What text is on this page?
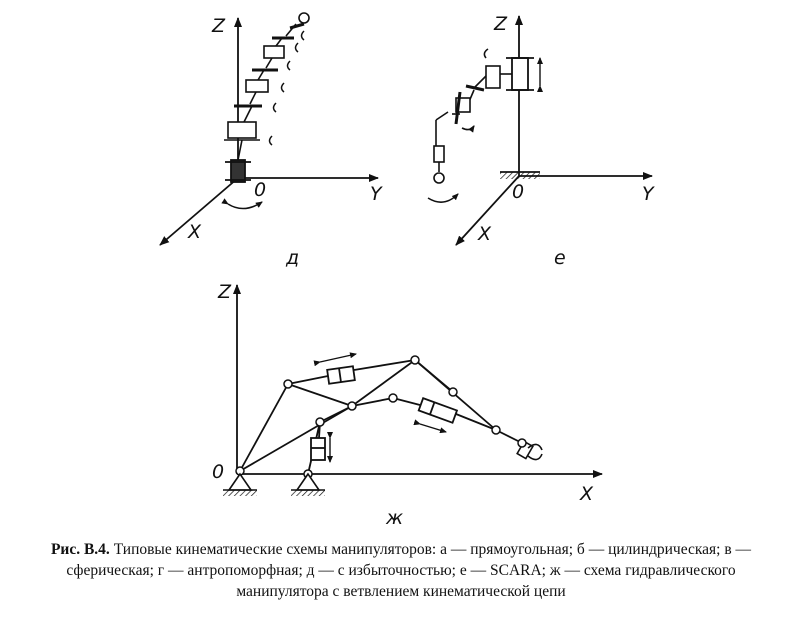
Z
Y
X
0
д
Z
Y
X
0
е
Z
X
0
ж

Рис. В.4. Типовые кинематические схемы манипуляторов: а — прямоугольная; б — цилиндрическая; в — сферическая; г — антропоморфная; д — с избыточностью; е — SCARA; ж — схема гидравлического манипулятора с ветвлением кинематической цепи
